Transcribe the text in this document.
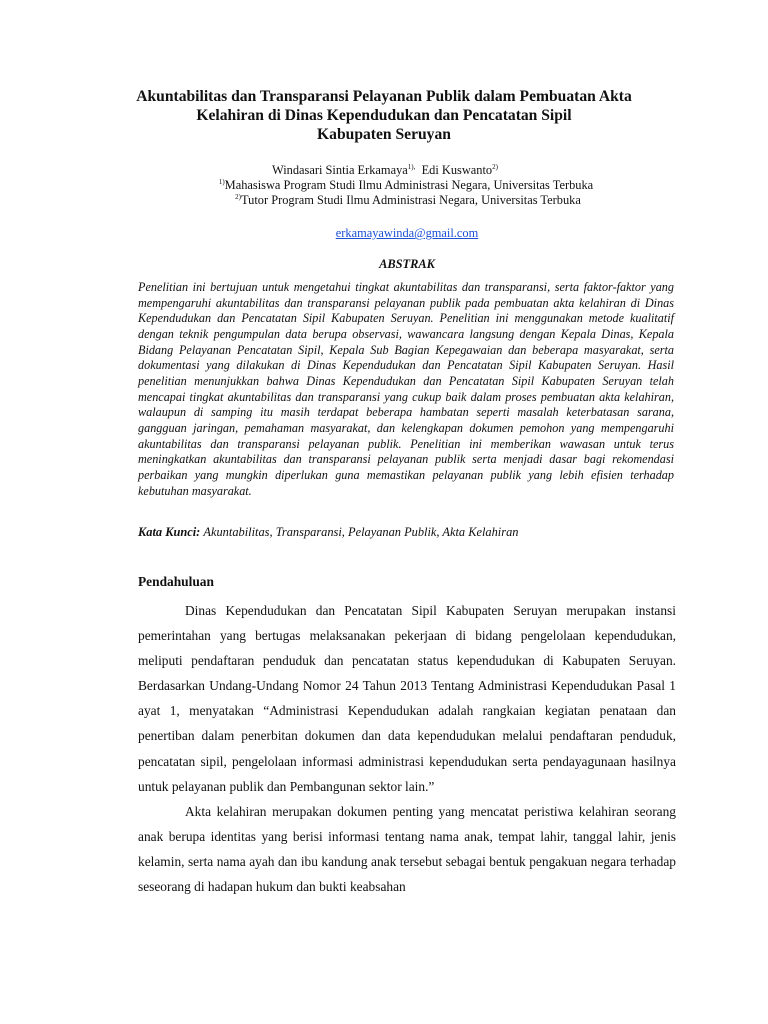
Akuntabilitas dan Transparansi Pelayanan Publik dalam Pembuatan Akta
Kelahiran di Dinas Kependudukan dan Pencatatan Sipil
Kabupaten Seruyan
Windasari Sintia Erkamaya$^{1),}$ Edi Kuswanto$^{2)}$
$^{1)}$Mahasiswa Program Studi Ilmu Administrasi Negara, Universitas Terbuka
$^{2)}$Tutor Program Studi Ilmu Administrasi Negara, Universitas Terbuka
erkamayawinda@gmail.com
ABSTRAK
Penelitian ini bertujuan untuk mengetahui tingkat akuntabilitas dan transparansi, serta faktor-faktor yang mempengaruhi akuntabilitas dan transparansi pelayanan publik pada pembuatan akta kelahiran di Dinas Kependudukan dan Pencatatan Sipil Kabupaten Seruyan. Penelitian ini menggunakan metode kualitatif dengan teknik pengumpulan data berupa observasi, wawancara langsung dengan Kepala Dinas, Kepala Bidang Pelayanan Pencatatan Sipil, Kepala Sub Bagian Kepegawaian dan beberapa masyarakat, serta dokumentasi yang dilakukan di Dinas Kependudukan dan Pencatatan Sipil Kabupaten Seruyan. Hasil penelitian menunjukkan bahwa Dinas Kependudukan dan Pencatatan Sipil Kabupaten Seruyan telah mencapai tingkat akuntabilitas dan transparansi yang cukup baik dalam proses pembuatan akta kelahiran, walaupun di samping itu masih terdapat beberapa hambatan seperti masalah keterbatasan sarana, gangguan jaringan, pemahaman masyarakat, dan kelengkapan dokumen pemohon yang mempengaruhi akuntabilitas dan transparansi pelayanan publik. Penelitian ini memberikan wawasan untuk terus meningkatkan akuntabilitas dan transparansi pelayanan publik serta menjadi dasar bagi rekomendasi perbaikan yang mungkin diperlukan guna memastikan pelayanan publik yang lebih efisien terhadap kebutuhan masyarakat.
Kata Kunci: Akuntabilitas, Transparansi, Pelayanan Publik, Akta Kelahiran
Pendahuluan

Dinas Kependudukan dan Pencatatan Sipil Kabupaten Seruyan merupakan instansi pemerintahan yang bertugas melaksanakan pekerjaan di bidang pengelolaan kependudukan, meliputi pendaftaran penduduk dan pencatatan status kependudukan di Kabupaten Seruyan. Berdasarkan Undang-Undang Nomor 24 Tahun 2013 Tentang Administrasi Kependudukan Pasal 1 ayat 1, menyatakan “Administrasi Kependudukan adalah rangkaian kegiatan penataan dan penertiban dalam penerbitan dokumen dan data kependudukan melalui pendaftaran penduduk, pencatatan sipil, pengelolaan informasi administrasi kependudukan serta pendayagunaan hasilnya untuk pelayanan publik dan Pembangunan sektor lain.”

Akta kelahiran merupakan dokumen penting yang mencatat peristiwa kelahiran seorang anak berupa identitas yang berisi informasi tentang nama anak, tempat lahir, tanggal lahir, jenis kelamin, serta nama ayah dan ibu kandung anak tersebut sebagai bentuk pengakuan negara terhadap seseorang di hadapan hukum dan bukti keabsahan
